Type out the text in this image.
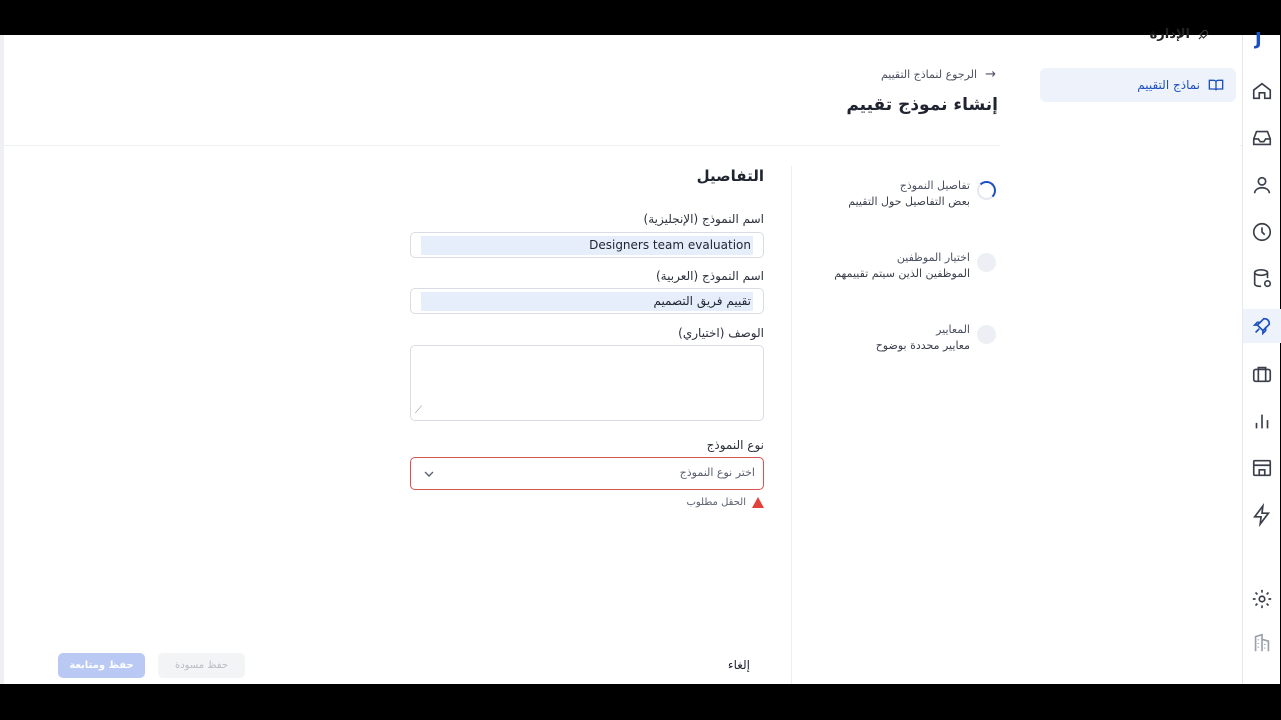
الرجوع لنماذج التقييم →
إنشاء نموذج تقييم
تفاصيل النموذج
بعض التفاصيل حول التقييم
اختيار الموظفين
الموظفين الذين سيتم تقييمهم
المعايير
معايير محددة بوضوح
التفاصيل
اسم النموذج (الإنجليزية)
Designers team evaluation
اسم النموذج (العربية)
تقييم فريق التصميم
الوصف (اختياري)
⟋
نوع النموذج
اختر نوع النموذج
الحقل مطلوب
إلغاء
حفظ مسودة
حفظ ومتابعة
الإدارة
نماذج التقييم
J
